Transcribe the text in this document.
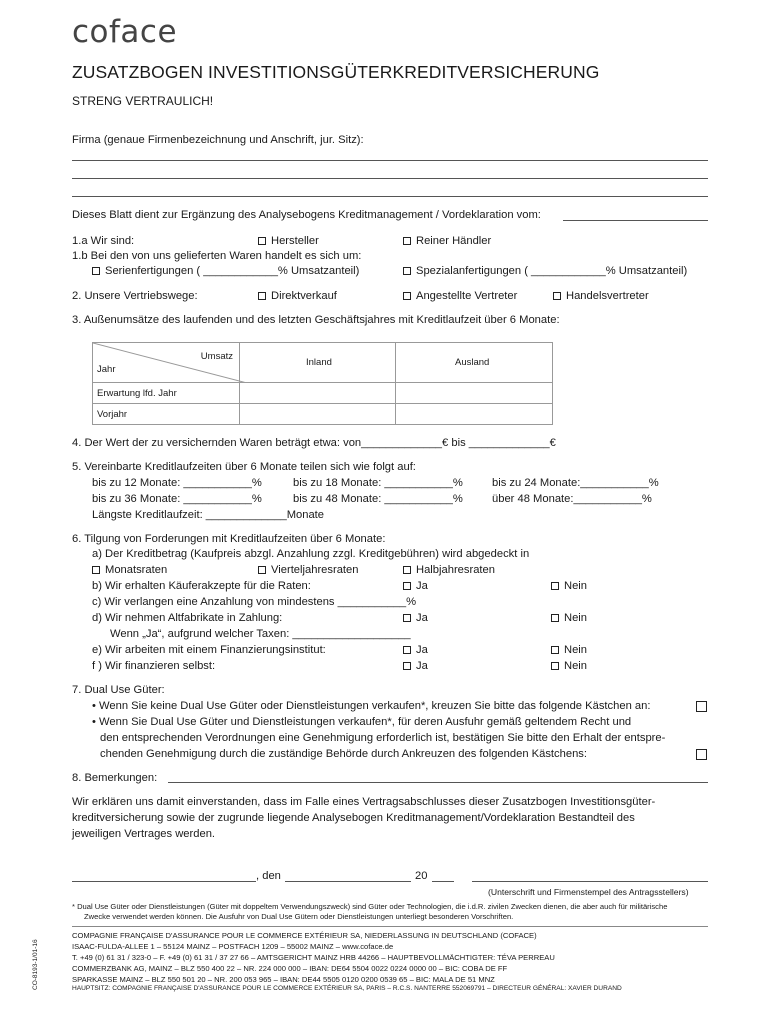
coface
ZUSATZBOGEN INVESTITIONSGÜTERKREDITVERSICHERUNG
STRENG VERTRAULICH!
Firma (genaue Firmenbezeichnung und Anschrift, jur. Sitz):
Dieses Blatt dient zur Ergänzung des Analysebogens Kreditmanagement / Vordeklaration vom:
1.a Wir sind:	Hersteller	Reiner Händler
1.b Bei den von uns gelieferten Waren handelt es sich um:
Serienfertigungen ( ____________% Umsatzanteil)	Spezialanfertigungen ( ____________% Umsatzanteil)
2. Unsere Vertriebswege:	Direktverkauf	Angestellte Vertreter	Handelsvertreter
3. Außenumsätze des laufenden und des letzten Geschäftsjahres mit Kreditlaufzeit über 6 Monate:
Umsatz
Jahr	Inland	Ausland
Erwartung lfd. Jahr		
Vorjahr		
4. Der Wert der zu versichernden Waren beträgt etwa: von_____________€ bis _____________€
5. Vereinbarte Kreditlaufzeiten über 6 Monate teilen sich wie folgt auf:
bis zu 12 Monate: ___________%	bis zu 18 Monate: ___________%	bis zu 24 Monate:___________%
bis zu 36 Monate: ___________%	bis zu 48 Monate: ___________%	über 48 Monate:___________%
Längste Kreditlaufzeit: _____________Monate
6. Tilgung von Forderungen mit Kreditlaufzeiten über 6 Monate:
a) Der Kreditbetrag (Kaufpreis abzgl. Anzahlung zzgl. Kreditgebühren) wird abgedeckt in
Monatsraten	Vierteljahresraten	Halbjahresraten
b) Wir erhalten Käuferakzepte für die Raten:	Ja	Nein
c) Wir verlangen eine Anzahlung von mindestens ___________%
d) Wir nehmen Altfabrikate in Zahlung:	Ja	Nein
Wenn „Ja“, aufgrund welcher Taxen: ___________________
e) Wir arbeiten mit einem Finanzierungsinstitut:	Ja	Nein
f ) Wir finanzieren selbst:	Ja	Nein
7. Dual Use Güter:
• Wenn Sie keine Dual Use Güter oder Dienstleistungen verkaufen*, kreuzen Sie bitte das folgende Kästchen an:
• Wenn Sie Dual Use Güter und Dienstleistungen verkaufen*, für deren Ausfuhr gemäß geltendem Recht und
den entsprechenden Verordnungen eine Genehmigung erforderlich ist, bestätigen Sie bitte den Erhalt der entspre-
chenden Genehmigung durch die zuständige Behörde durch Ankreuzen des folgenden Kästchens:
8. Bemerkungen:
Wir erklären uns damit einverstanden, dass im Falle eines Vertragsabschlusses dieser Zusatzbogen Investitionsgüter-
kreditversicherung sowie der zugrunde liegende Analysebogen Kreditmanagement/Vordeklaration Bestandteil des
jeweiligen Vertrages werden.
, den	20
(Unterschrift und Firmenstempel des Antragsstellers)
* Dual Use Güter oder Dienstleistungen (Güter mit doppeltem Verwendungszweck) sind Güter oder Technologien, die i.d.R. zivilen Zwecken dienen, die aber auch für militärische
Zwecke verwendet werden können. Die Ausfuhr von Dual Use Gütern oder Dienstleistungen unterliegt besonderen Vorschriften.
COMPAGNIE FRANÇAISE D'ASSURANCE POUR LE COMMERCE EXTÉRIEUR SA, NIEDERLASSUNG IN DEUTSCHLAND (COFACE)
ISAAC-FULDA-ALLEE 1 – 55124 MAINZ – POSTFACH 1209 – 55002 MAINZ – www.coface.de
T. +49 (0) 61 31 / 323-0 – F. +49 (0) 61 31 / 37 27 66 – AMTSGERICHT MAINZ HRB 44266 – HAUPTBEVOLLMÄCHTIGTER: TÉVA PERREAU
COMMERZBANK AG, MAINZ – BLZ 550 400 22 – NR. 224 000 000 – IBAN: DE64 5504 0022 0224 0000 00 – BIC: COBA DE FF
SPARKASSE MAINZ – BLZ 550 501 20 – NR. 200 053 965 – IBAN: DE44 5505 0120 0200 0539 65 – BIC: MALA DE 51 MNZ
HAUPTSITZ: COMPAGNIE FRANÇAISE D'ASSURANCE POUR LE COMMERCE EXTÉRIEUR SA, PARIS – R.C.S. NANTERRE 552069791 – DIRECTEUR GÉNÉRAL: XAVIER DURAND
CO-8193-1/01-16
